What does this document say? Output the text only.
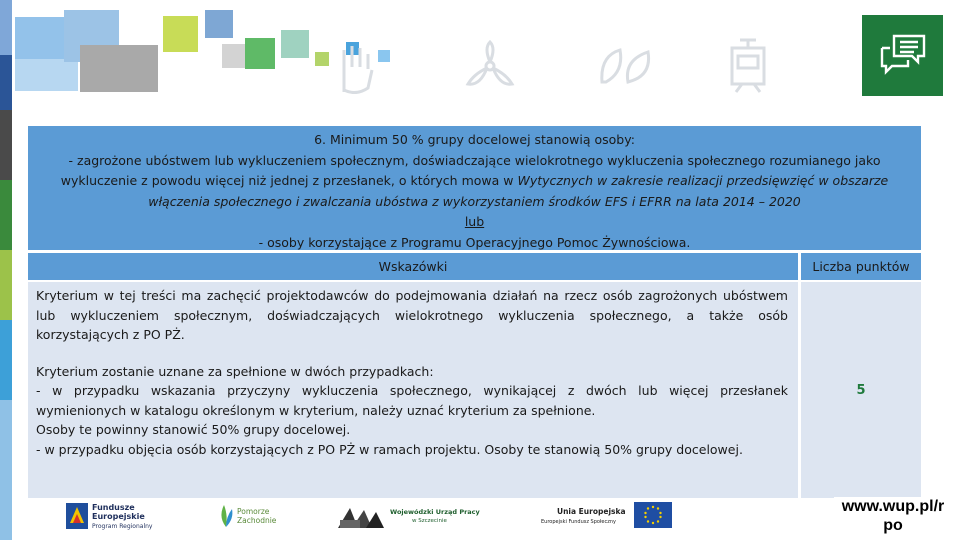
6. Minimum 50 % grupy docelowej stanowią osoby:
- zagrożone ubóstwem lub wykluczeniem społecznym, doświadczające wielokrotnego wykluczenia społecznego rozumianego jako
wykluczenie z powodu więcej niż jednej z przesłanek, o których mowa w Wytycznych w zakresie realizacji przedsięwzięć w obszarze
włączenia społecznego i zwalczania ubóstwa z wykorzystaniem środków EFS i EFRR na lata 2014 – 2020
lub
- osoby korzystające z Programu Operacyjnego Pomoc Żywnościowa.
Wskazówki	Liczba punktów

Kryterium w tej treści ma zachęcić projektodawców do podejmowania działań na rzecz osób zagrożonych ubóstwem
lub wykluczeniem społecznym, doświadczających wielokrotnego wykluczenia społecznego, a także osób
korzystających z PO PŻ.

Kryterium zostanie uznane za spełnione w dwóch przypadkach:
- w przypadku wskazania przyczyny wykluczenia społecznego, wynikającej z dwóch lub więcej przesłanek
wymienionych w katalogu określonym w kryterium, należy uznać kryterium za spełnione.
Osoby te powinny stanowić 50% grupy docelowej.
- w przypadku objęcia osób korzystających z PO PŻ w ramach projektu. Osoby te stanowią 50% grupy docelowej.

5
Fundusze
Europejskie
Program Regionalny
Pomorze
Zachodnie
Wojewódzki Urząd Pracy
w Szczecinie
Unia Europejska
Europejski Fundusz Społeczny
www.wup.pl/r po
